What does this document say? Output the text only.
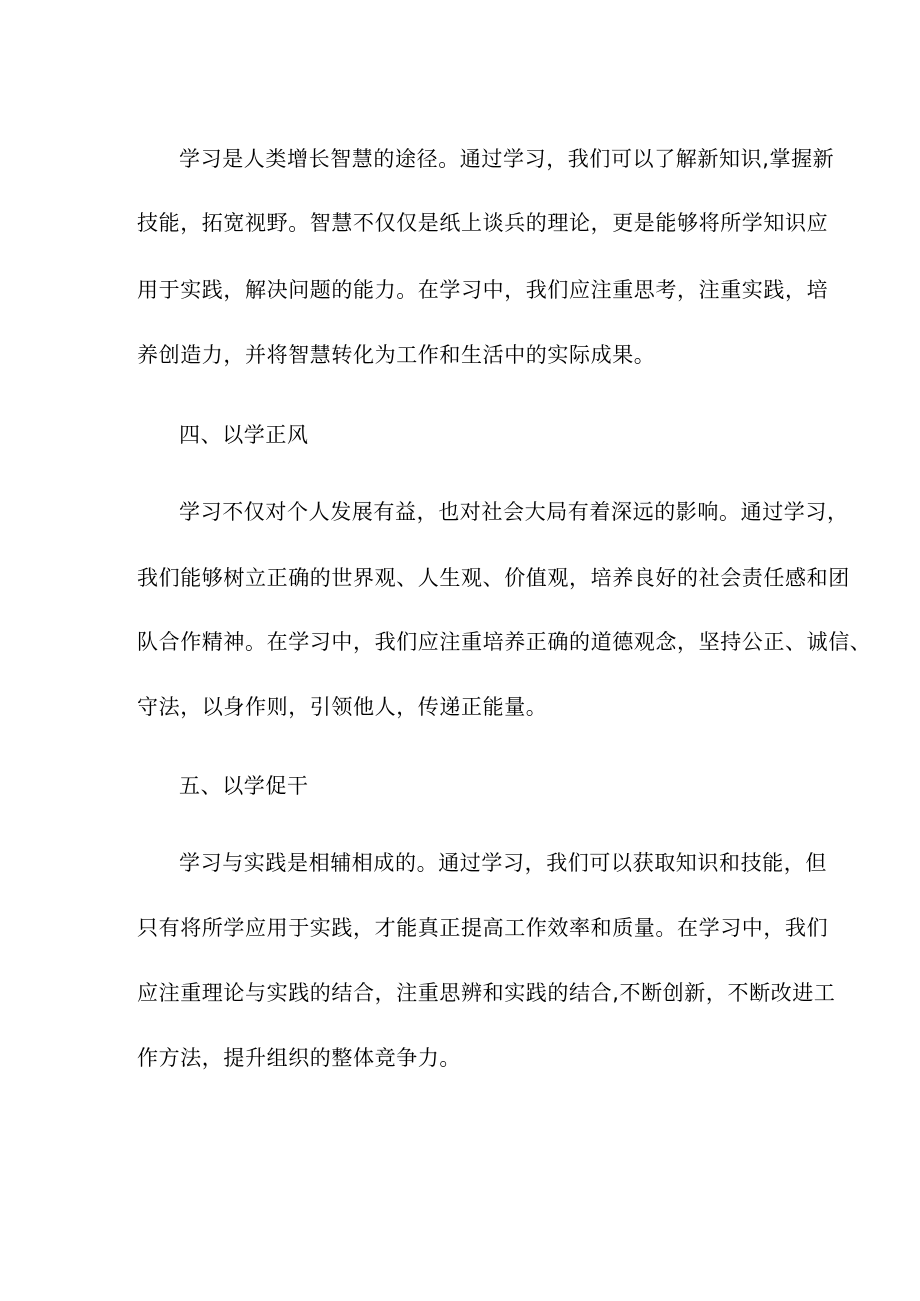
学习是人类增长智慧的途径。通过学习，我们可以了解新知识,掌握新
技能，拓宽视野。智慧不仅仅是纸上谈兵的理论，更是能够将所学知识应
用于实践，解决问题的能力。在学习中，我们应注重思考，注重实践，培
养创造力，并将智慧转化为工作和生活中的实际成果。
四、以学正风
学习不仅对个人发展有益，也对社会大局有着深远的影响。通过学习，
我们能够树立正确的世界观、人生观、价值观，培养良好的社会责任感和团
队合作精神。在学习中，我们应注重培养正确的道德观念，坚持公正、诚信、
守法，以身作则，引领他人，传递正能量。
五、以学促干
学习与实践是相辅相成的。通过学习，我们可以获取知识和技能，但
只有将所学应用于实践，才能真正提高工作效率和质量。在学习中，我们
应注重理论与实践的结合，注重思辨和实践的结合,不断创新，不断改进工
作方法，提升组织的整体竞争力。
